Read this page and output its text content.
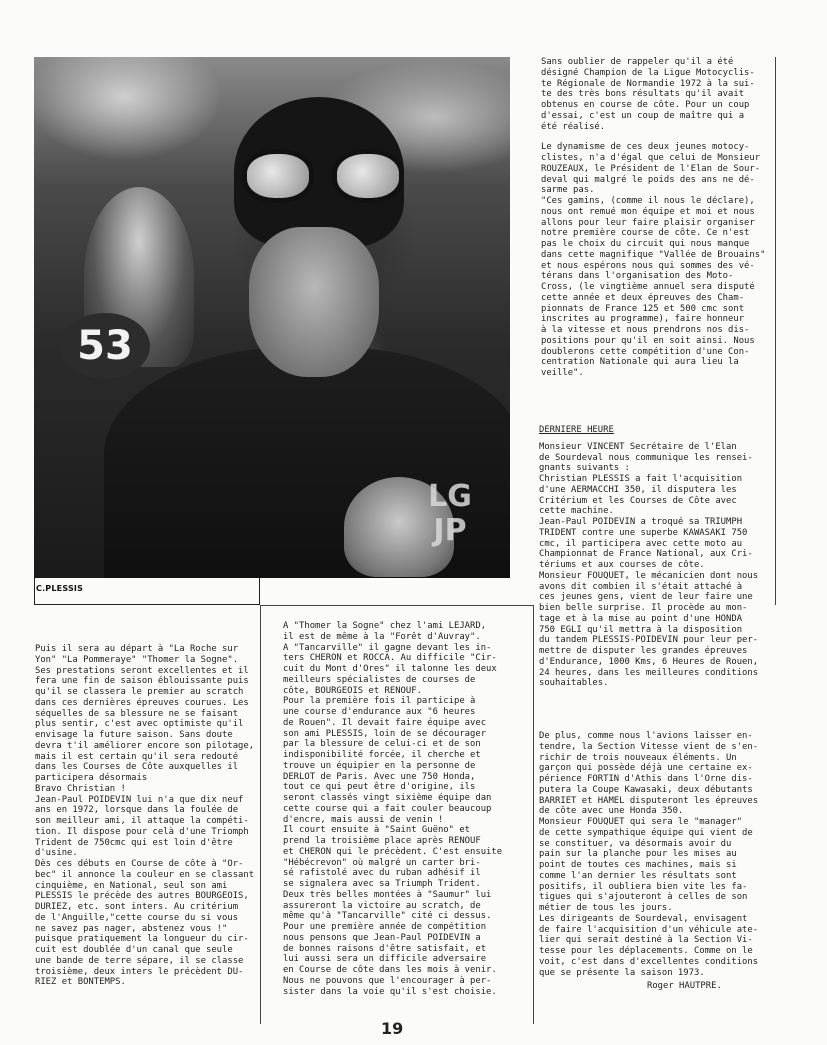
53
LG
JP
C.PLESSIS

Sans oublier de rappeler qu'il a été

désigné Champion de la Ligue Motocyclis-

te Régionale de Normandie 1972 à la sui-

te des très bons résultats qu'il avait

obtenus en course de côte. Pour un coup

d'essai, c'est un coup de maître qui a

été réalisé.

Le dynamisme de ces deux jeunes motocy-

clistes, n'a d'égal que celui de Monsieur

ROUZEAUX, le Président de l'Elan de Sour-

deval qui malgré le poids des ans ne dé-

sarme pas.

"Ces gamins, (comme il nous le déclare),

nous ont remué mon équipe et moi et nous

allons pour leur faire plaisir organiser

notre première course de côte. Ce n'est

pas le choix du circuit qui nous manque

dans cette magnifique "Vallée de Brouains"

et nous espérons nous qui sommes des vé-

térans dans l'organisation des Moto-

Cross, (le vingtième annuel sera disputé

cette année et deux épreuves des Cham-

pionnats de France 125 et 500 cmc sont

inscrites au programme), faire honneur

à la vitesse et nous prendrons nos dis-

positions pour qu'il en soit ainsi. Nous

doublerons cette compétition d'une Con-

centration Nationale qui aura lieu la

veille".

DERNIERE HEURE

Monsieur VINCENT Secrétaire de l'Elan

de Sourdeval nous communique les rensei-

gnants suivants :

Christian PLESSIS a fait l'acquisition

d'une AERMACCHI 350, il disputera les

Critérium et les Courses de Côte avec

cette machine.

Jean-Paul POIDEVIN a troqué sa TRIUMPH

TRIDENT contre une superbe KAWASAKI 750

cmc, il participera avec cette moto au

Championnat de France National, aux Cri-

tériums et aux courses de côte.

Monsieur FOUQUET, le mécanicien dont nous

avons dit combien il s'était attaché à

ces jeunes gens, vient de leur faire une

bien belle surprise. Il procède au mon-

tage et à la mise au point d'une HONDA

750 EGLI qu'il mettra à la disposition

du tandem PLESSIS-POIDEVIN pour leur per-

mettre de disputer les grandes épreuves

d'Endurance, 1000 Kms, 6 Heures de Rouen,

24 heures, dans les meilleures conditions

souhaitables.

De plus, comme nous l'avions laisser en-

tendre, la Section Vitesse vient de s'en-

richir de trois nouveaux éléments. Un

garçon qui possède déjà une certaine ex-

périence FORTIN d'Athis dans l'Orne dis-

putera la Coupe Kawasaki, deux débutants

BARRIET et HAMEL disputeront les épreuves

de côte avec une Honda 350.

Monsieur FOUQUET qui sera le "manager"

de cette sympathique équipe qui vient de

se constituer, va désormais avoir du

pain sur la planche pour les mises au

point de toutes ces machines, mais si

comme l'an dernier les résultats sont

positifs, il oubliera bien vite les fa-

tigues qui s'ajouteront à celles de son

métier de tous les jours.

Les dirigeants de Sourdeval, envisagent

de faire l'acquisition d'un véhicule ate-

lier qui serait destiné à la Section Vi-

tesse pour les déplacements. Comme on le

voit, c'est dans d'excellentes conditions

que se présente la saison 1973.

Roger HAUTPRE.

Puis il sera au départ à "La Roche sur

Yon" "La Pommeraye" "Thomer la Sogne".

Ses prestations seront excellentes et il

fera une fin de saison éblouissante puis

qu'il se classera le premier au scratch

dans ces dernières épreuves courues. Les

séquelles de sa blessure ne se faisant

plus sentir, c'est avec optimiste qu'il

envisage la future saison. Sans doute

devra t'il améliorer encore son pilotage,

mais il est certain qu'il sera redouté

dans les Courses de Côte auxquelles il

participera désormais

Bravo Christian !

Jean-Paul POIDEVIN lui n'a que dix neuf

ans en 1972, lorsque dans la foulée de

son meilleur ami, il attaque la compéti-

tion. Il dispose pour celà d'une Triomph

Trident de 750cmc qui est loin d'être

d'usine.

Dès ces débuts en Course de côte à "Or-

bec" il annonce la couleur en se classant

cinquième, en National, seul son ami

PLESSIS le précède des autres BOURGEOIS,

DURIEZ, etc. sont inters. Au critérium

de l'Anguille,"cette course du si vous

ne savez pas nager, abstenez vous !"

puisque pratiquement la longueur du cir-

cuit est doublée d'un canal que seule

une bande de terre sépare, il se classe

troisième, deux inters le précèdent DU-

RIEZ et BONTEMPS.

A "Thomer la Sogne" chez l'ami LEJARD,

il est de même à la "Forêt d'Auvray".

A "Tancarville" il gagne devant les in-

ters CHERON et ROCCA. Au difficile "Cir-

cuit du Mont d'Ores" il talonne les deux

meilleurs spécialistes de courses de

côte, BOURGEOIS et RENOUF.

Pour la première fois il participe à

une course d'endurance aux "6 heures

de Rouen". Il devait faire équipe avec

son ami PLESSIS, loin de se décourager

par la blessure de celui-ci et de son

indisponibilité forcée, il cherche et

trouve un équipier en la personne de

DERLOT de Paris. Avec une 750 Honda,

tout ce qui peut être d'origine, ils

seront classés vingt sixième équipe dan

cette course qui a fait couler beaucoup

d'encre, mais aussi de venin !

Il court ensuite à "Saint Guëno" et

prend la troisième place après RENOUF

et CHERON qui le précèdent. C'est ensuite

"Hébécrevon" où malgré un carter bri-

sé rafistolé avec du ruban adhésif il

se signalera avec sa Triumph Trident.

Deux très belles montées à "Saumur" lui

assureront la victoire au scratch, de

même qu'à "Tancarville" cité ci dessus.

Pour une première année de compétition

nous pensons que Jean-Paul POIDEVIN a

de bonnes raisons d'être satisfait, et

lui aussi sera un difficile adversaire

en Course de côte dans les mois à venir.

Nous ne pouvons que l'encourager à per-

sister dans la voie qu'il s'est choisie.

19
